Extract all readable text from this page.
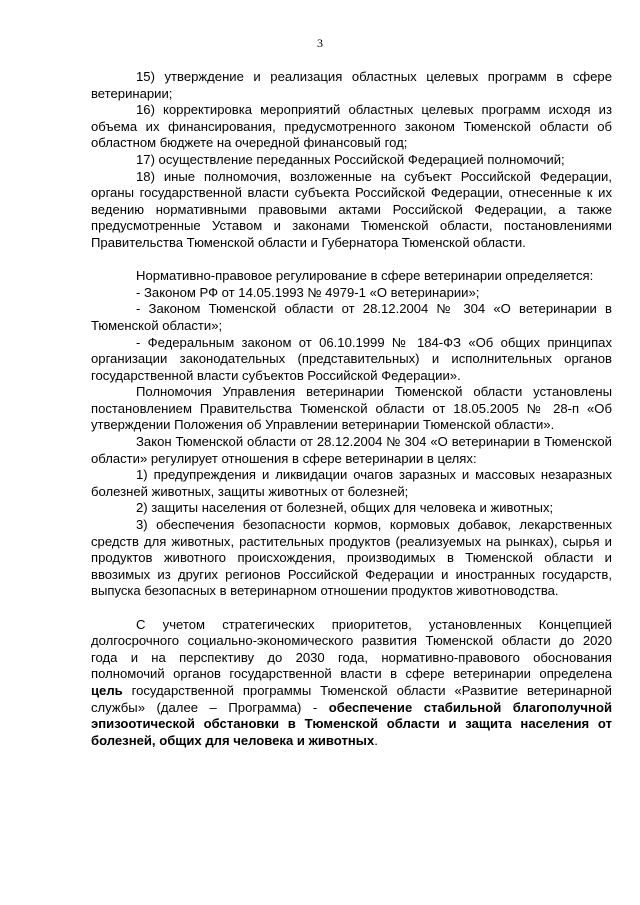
3

15) утверждение и реализация областных целевых программ в сфере ветеринарии;

16) корректировка мероприятий областных целевых программ исходя из объема их финансирования, предусмотренного законом Тюменской области об областном бюджете на очередной финансовый год;

17) осуществление переданных Российской Федерацией полномочий;

18) иные полномочия, возложенные на субъект Российской Федерации, органы государственной власти субъекта Российской Федерации, отнесенные к их ведению нормативными правовыми актами Российской Федерации, а также предусмотренные Уставом и законами Тюменской области, постановлениями Правительства Тюменской области и Губернатора Тюменской области.

Нормативно-правовое регулирование в сфере ветеринарии определяется:

- Законом РФ от 14.05.1993 № 4979-1 «О ветеринарии»;

- Законом Тюменской области от 28.12.2004 № 304 «О ветеринарии в Тюменской области»;

- Федеральным законом от 06.10.1999 № 184-ФЗ «Об общих принципах организации законодательных (представительных) и исполнительных органов государственной власти субъектов Российской Федерации».

Полномочия Управления ветеринарии Тюменской области установлены постановлением Правительства Тюменской области от 18.05.2005 № 28-п «Об утверждении Положения об Управлении ветеринарии Тюменской области».

Закон Тюменской области от 28.12.2004 № 304 «О ветеринарии в Тюменской области» регулирует отношения в сфере ветеринарии в целях:

1) предупреждения и ликвидации очагов заразных и массовых незаразных болезней животных, защиты животных от болезней;

2) защиты населения от болезней, общих для человека и животных;

3) обеспечения безопасности кормов, кормовых добавок, лекарственных средств для животных, растительных продуктов (реализуемых на рынках), сырья и продуктов животного происхождения, производимых в Тюменской области и ввозимых из других регионов Российской Федерации и иностранных государств, выпуска безопасных в ветеринарном отношении продуктов животноводства.

С учетом стратегических приоритетов, установленных Концепцией долгосрочного социально-экономического развития Тюменской области до 2020 года и на перспективу до 2030 года, нормативно-правового обоснования полномочий органов государственной власти в сфере ветеринарии определена цель государственной программы Тюменской области «Развитие ветеринарной службы» (далее – Программа) - обеспечение стабильной благополучной эпизоотической обстановки в Тюменской области и защита населения от болезней, общих для человека и животных.
